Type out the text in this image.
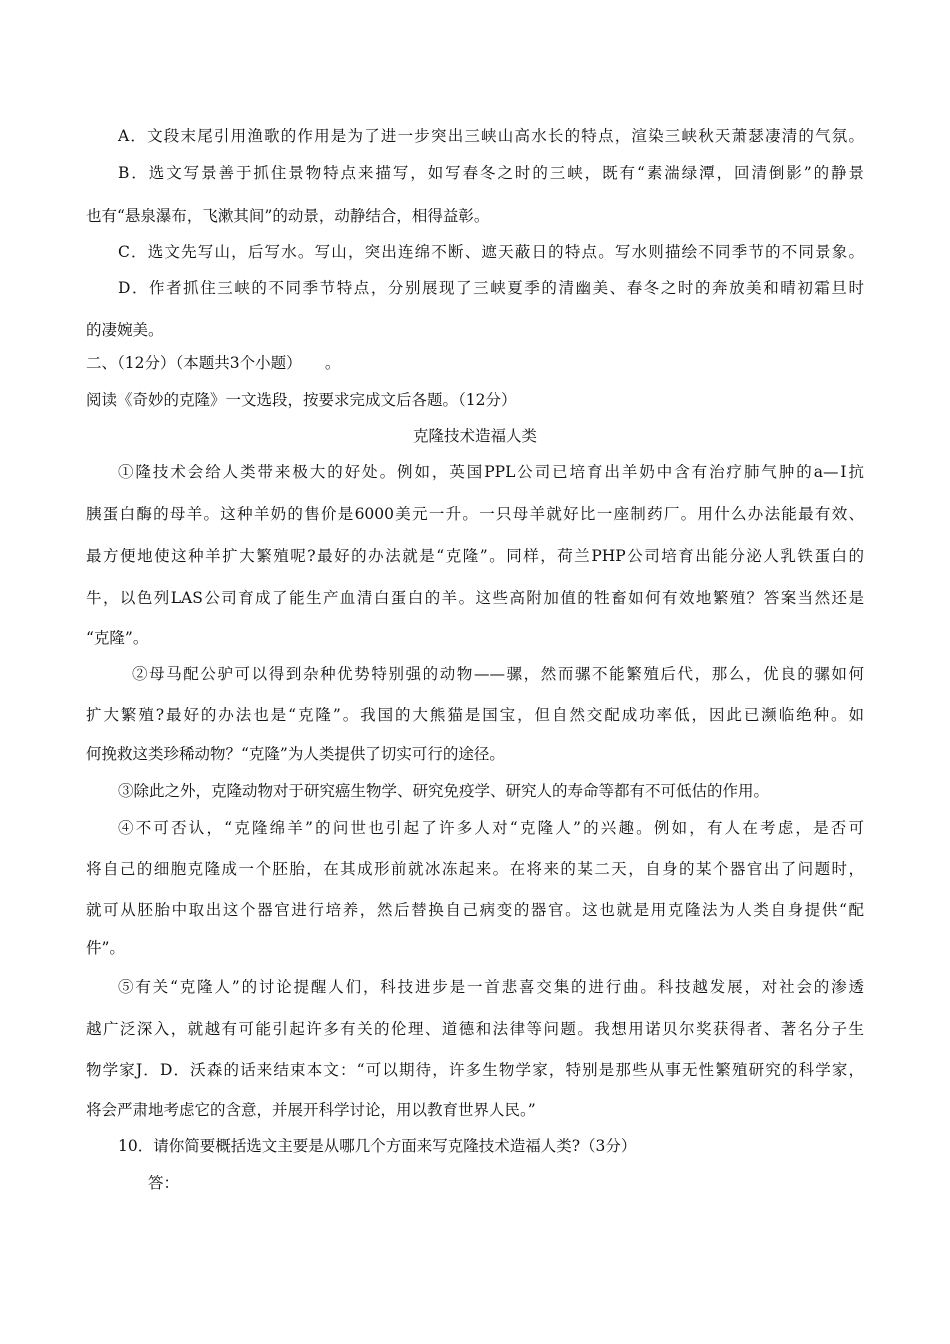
A．文段末尾引用渔歌的作用是为了进一步突出三峡山高水长的特点，渲染三峡秋天萧瑟凄清的气氛。
B．选文写景善于抓住景物特点来描写，如写春冬之时的三峡，既有“素湍绿潭，回清倒影”的静景
也有“悬泉瀑布，飞漱其间”的动景，动静结合，相得益彰。
C．选文先写山，后写水。写山，突出连绵不断、遮天蔽日的特点。写水则描绘不同季节的不同景象。
D．作者抓住三峡的不同季节特点，分别展现了三峡夏季的清幽美、春冬之时的奔放美和晴初霜旦时
的凄婉美。
二、（12分）（本题共3个小题）　　。
阅读《奇妙的克隆》一文选段，按要求完成文后各题。（12分）
克隆技术造福人类
①隆技术会给人类带来极大的好处。例如，英国PPL公司已培育出羊奶中含有治疗肺气肿的a—Ⅰ抗
胰蛋白酶的母羊。这种羊奶的售价是6000美元一升。一只母羊就好比一座制药厂。用什么办法能最有效、
最方便地使这种羊扩大繁殖呢?最好的办法就是“克隆”。同样，荷兰PHP公司培育出能分泌人乳铁蛋白的
牛，以色列LAS公司育成了能生产血清白蛋白的羊。这些高附加值的牲畜如何有效地繁殖？答案当然还是
“克隆”。
②母马配公驴可以得到杂种优势特别强的动物——骡，然而骡不能繁殖后代，那么，优良的骡如何
扩大繁殖?最好的办法也是“克隆”。我国的大熊猫是国宝，但自然交配成功率低，因此已濒临绝种。如
何挽救这类珍稀动物？“克隆”为人类提供了切实可行的途径。
③除此之外，克隆动物对于研究癌生物学、研究免疫学、研究人的寿命等都有不可低估的作用。
④不可否认，“克隆绵羊”的问世也引起了许多人对“克隆人”的兴趣。例如，有人在考虑，是否可
将自己的细胞克隆成一个胚胎，在其成形前就冰冻起来。在将来的某二天，自身的某个器官出了问题时，
就可从胚胎中取出这个器官进行培养，然后替换自己病变的器官。这也就是用克隆法为人类自身提供“配
件”。
⑤有关“克隆人”的讨论提醒人们，科技进步是一首悲喜交集的进行曲。科技越发展，对社会的渗透
越广泛深入，就越有可能引起许多有关的伦理、道德和法律等问题。我想用诺贝尔奖获得者、著名分子生
物学家J．D．沃森的话来结束本文：“可以期待，许多生物学家，特别是那些从事无性繁殖研究的科学家，
将会严肃地考虑它的含意，并展开科学讨论，用以教育世界人民。”
10．请你简要概括选文主要是从哪几个方面来写克隆技术造福人类?（3分）
答：
